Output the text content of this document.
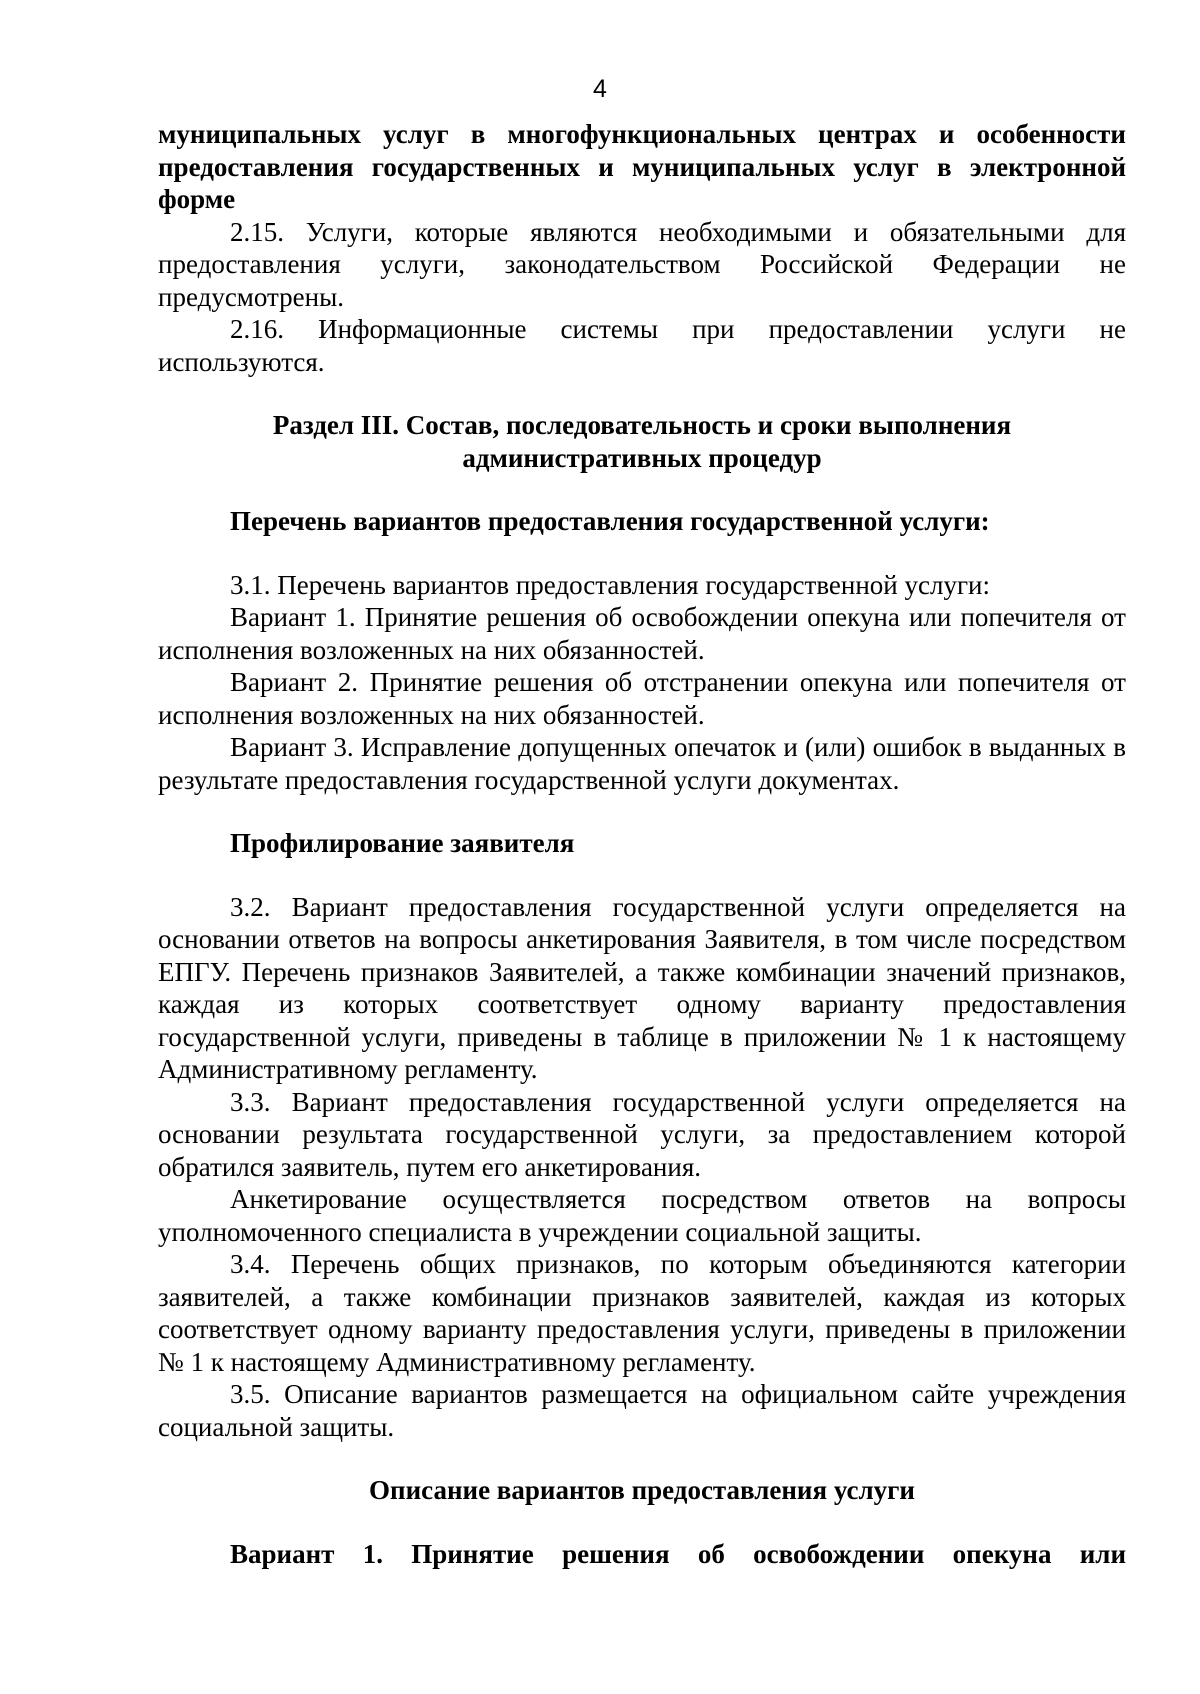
4

муниципальных услуг в многофункциональных центрах и особенности предоставления государственных и муниципальных услуг в электронной форме

2.15. Услуги, которые являются необходимыми и обязательными для предоставления услуги, законодательством Российской Федерации не предусмотрены.

2.16. Информационные системы при предоставлении услуги не используются.

Раздел III. Состав, последовательность и сроки выполнения административных процедур

Перечень вариантов предоставления государственной услуги:

3.1. Перечень вариантов предоставления государственной услуги:

Вариант 1. Принятие решения об освобождении опекуна или попечителя от исполнения возложенных на них обязанностей.

Вариант 2. Принятие решения об отстранении опекуна или попечителя от исполнения возложенных на них обязанностей.

Вариант 3. Исправление допущенных опечаток и (или) ошибок в выданных в результате предоставления государственной услуги документах.

Профилирование заявителя

3.2. Вариант предоставления государственной услуги определяется на основании ответов на вопросы анкетирования Заявителя, в том числе посредством ЕПГУ. Перечень признаков Заявителей, а также комбинации значений признаков, каждая из которых соответствует одному варианту предоставления государственной услуги, приведены в таблице в приложении № 1 к настоящему Административному регламенту.

3.3. Вариант предоставления государственной услуги определяется на основании результата государственной услуги, за предоставлением которой обратился заявитель, путем его анкетирования.

Анкетирование осуществляется посредством ответов на вопросы уполномоченного специалиста в учреждении социальной защиты.

3.4. Перечень общих признаков, по которым объединяются категории заявителей, а также комбинации признаков заявителей, каждая из которых соответствует одному варианту предоставления услуги, приведены в приложении № 1 к настоящему Административному регламенту.

3.5. Описание вариантов размещается на официальном сайте учреждения социальной защиты.

Описание вариантов предоставления услуги

Вариант 1. Принятие решения об освобождении опекуна или
